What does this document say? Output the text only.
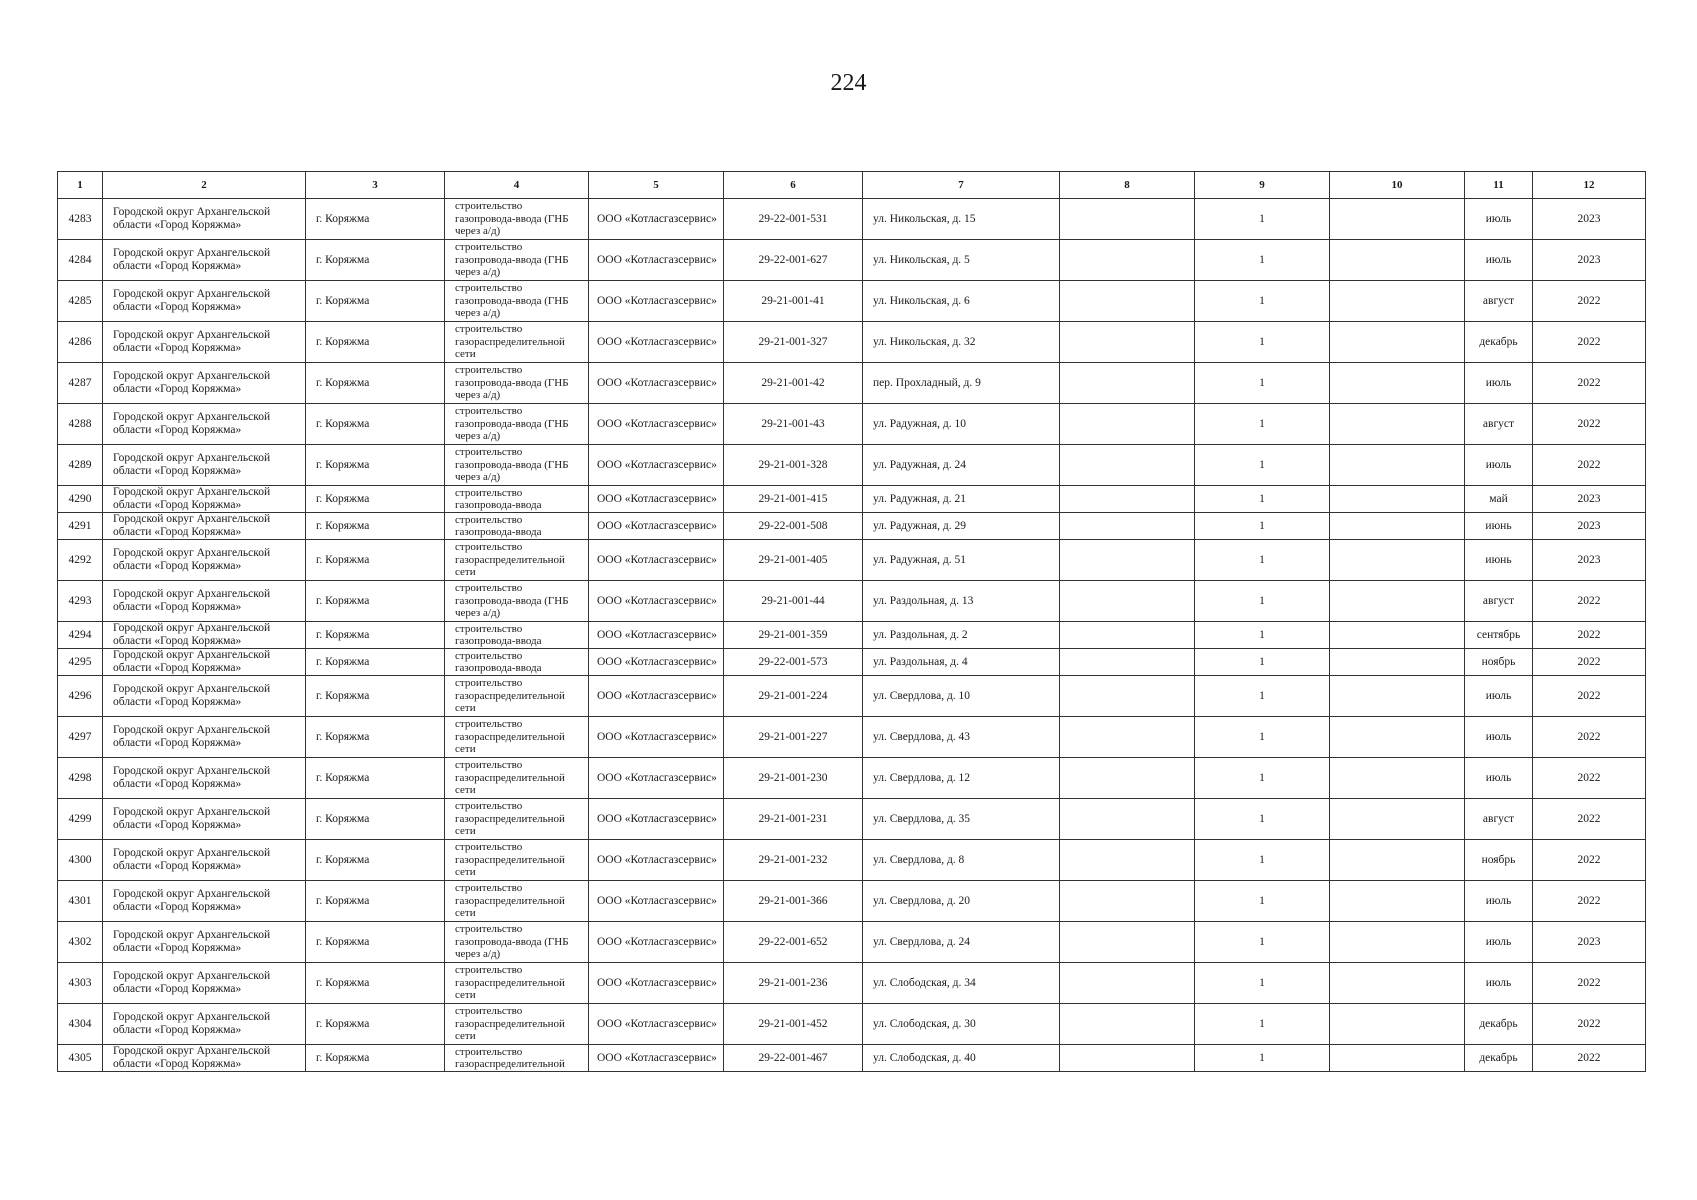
224
1	2	3	4	5	6	7	8	9	10	11	12
4283	Городской округ Архангельской области «Город Коряжма»	г. Коряжма	строительство газопровода-ввода (ГНБ через а/д)	ООО «Котласгазсервис»	29-22-001-531	ул. Никольская, д. 15		1		июль	2023
4284	Городской округ Архангельской области «Город Коряжма»	г. Коряжма	строительство газопровода-ввода (ГНБ через а/д)	ООО «Котласгазсервис»	29-22-001-627	ул. Никольская, д. 5		1		июль	2023
4285	Городской округ Архангельской области «Город Коряжма»	г. Коряжма	строительство газопровода-ввода (ГНБ через а/д)	ООО «Котласгазсервис»	29-21-001-41	ул. Никольская, д. 6		1		август	2022
4286	Городской округ Архангельской области «Город Коряжма»	г. Коряжма	строительство газораспределительной сети	ООО «Котласгазсервис»	29-21-001-327	ул. Никольская, д. 32		1		декабрь	2022
4287	Городской округ Архангельской области «Город Коряжма»	г. Коряжма	строительство газопровода-ввода (ГНБ через а/д)	ООО «Котласгазсервис»	29-21-001-42	пер. Прохладный, д. 9		1		июль	2022
4288	Городской округ Архангельской области «Город Коряжма»	г. Коряжма	строительство газопровода-ввода (ГНБ через а/д)	ООО «Котласгазсервис»	29-21-001-43	ул. Радужная, д. 10		1		август	2022
4289	Городской округ Архангельской области «Город Коряжма»	г. Коряжма	строительство газопровода-ввода (ГНБ через а/д)	ООО «Котласгазсервис»	29-21-001-328	ул. Радужная, д. 24		1		июль	2022
4290	Городской округ Архангельской области «Город Коряжма»	г. Коряжма	строительство газопровода-ввода	ООО «Котласгазсервис»	29-21-001-415	ул. Радужная, д. 21		1		май	2023
4291	Городской округ Архангельской области «Город Коряжма»	г. Коряжма	строительство газопровода-ввода	ООО «Котласгазсервис»	29-22-001-508	ул. Радужная, д. 29		1		июнь	2023
4292	Городской округ Архангельской области «Город Коряжма»	г. Коряжма	строительство газораспределительной сети	ООО «Котласгазсервис»	29-21-001-405	ул. Радужная, д. 51		1		июнь	2023
4293	Городской округ Архангельской области «Город Коряжма»	г. Коряжма	строительство газопровода-ввода (ГНБ через а/д)	ООО «Котласгазсервис»	29-21-001-44	ул. Раздольная, д. 13		1		август	2022
4294	Городской округ Архангельской области «Город Коряжма»	г. Коряжма	строительство газопровода-ввода	ООО «Котласгазсервис»	29-21-001-359	ул. Раздольная, д. 2		1		сентябрь	2022
4295	Городской округ Архангельской области «Город Коряжма»	г. Коряжма	строительство газопровода-ввода	ООО «Котласгазсервис»	29-22-001-573	ул. Раздольная, д. 4		1		ноябрь	2022
4296	Городской округ Архангельской области «Город Коряжма»	г. Коряжма	строительство газораспределительной сети	ООО «Котласгазсервис»	29-21-001-224	ул. Свердлова, д. 10		1		июль	2022
4297	Городской округ Архангельской области «Город Коряжма»	г. Коряжма	строительство газораспределительной сети	ООО «Котласгазсервис»	29-21-001-227	ул. Свердлова, д. 43		1		июль	2022
4298	Городской округ Архангельской области «Город Коряжма»	г. Коряжма	строительство газораспределительной сети	ООО «Котласгазсервис»	29-21-001-230	ул. Свердлова, д. 12		1		июль	2022
4299	Городской округ Архангельской области «Город Коряжма»	г. Коряжма	строительство газораспределительной сети	ООО «Котласгазсервис»	29-21-001-231	ул. Свердлова, д. 35		1		август	2022
4300	Городской округ Архангельской области «Город Коряжма»	г. Коряжма	строительство газораспределительной сети	ООО «Котласгазсервис»	29-21-001-232	ул. Свердлова, д. 8		1		ноябрь	2022
4301	Городской округ Архангельской области «Город Коряжма»	г. Коряжма	строительство газораспределительной сети	ООО «Котласгазсервис»	29-21-001-366	ул. Свердлова, д. 20		1		июль	2022
4302	Городской округ Архангельской области «Город Коряжма»	г. Коряжма	строительство газопровода-ввода (ГНБ через а/д)	ООО «Котласгазсервис»	29-22-001-652	ул. Свердлова, д. 24		1		июль	2023
4303	Городской округ Архангельской области «Город Коряжма»	г. Коряжма	строительство газораспределительной сети	ООО «Котласгазсервис»	29-21-001-236	ул. Слободская, д. 34		1		июль	2022
4304	Городской округ Архангельской области «Город Коряжма»	г. Коряжма	строительство газораспределительной сети	ООО «Котласгазсервис»	29-21-001-452	ул. Слободская, д. 30		1		декабрь	2022
4305	Городской округ Архангельской области «Город Коряжма»	г. Коряжма	строительство газораспределительной	ООО «Котласгазсервис»	29-22-001-467	ул. Слободская, д. 40		1		декабрь	2022
